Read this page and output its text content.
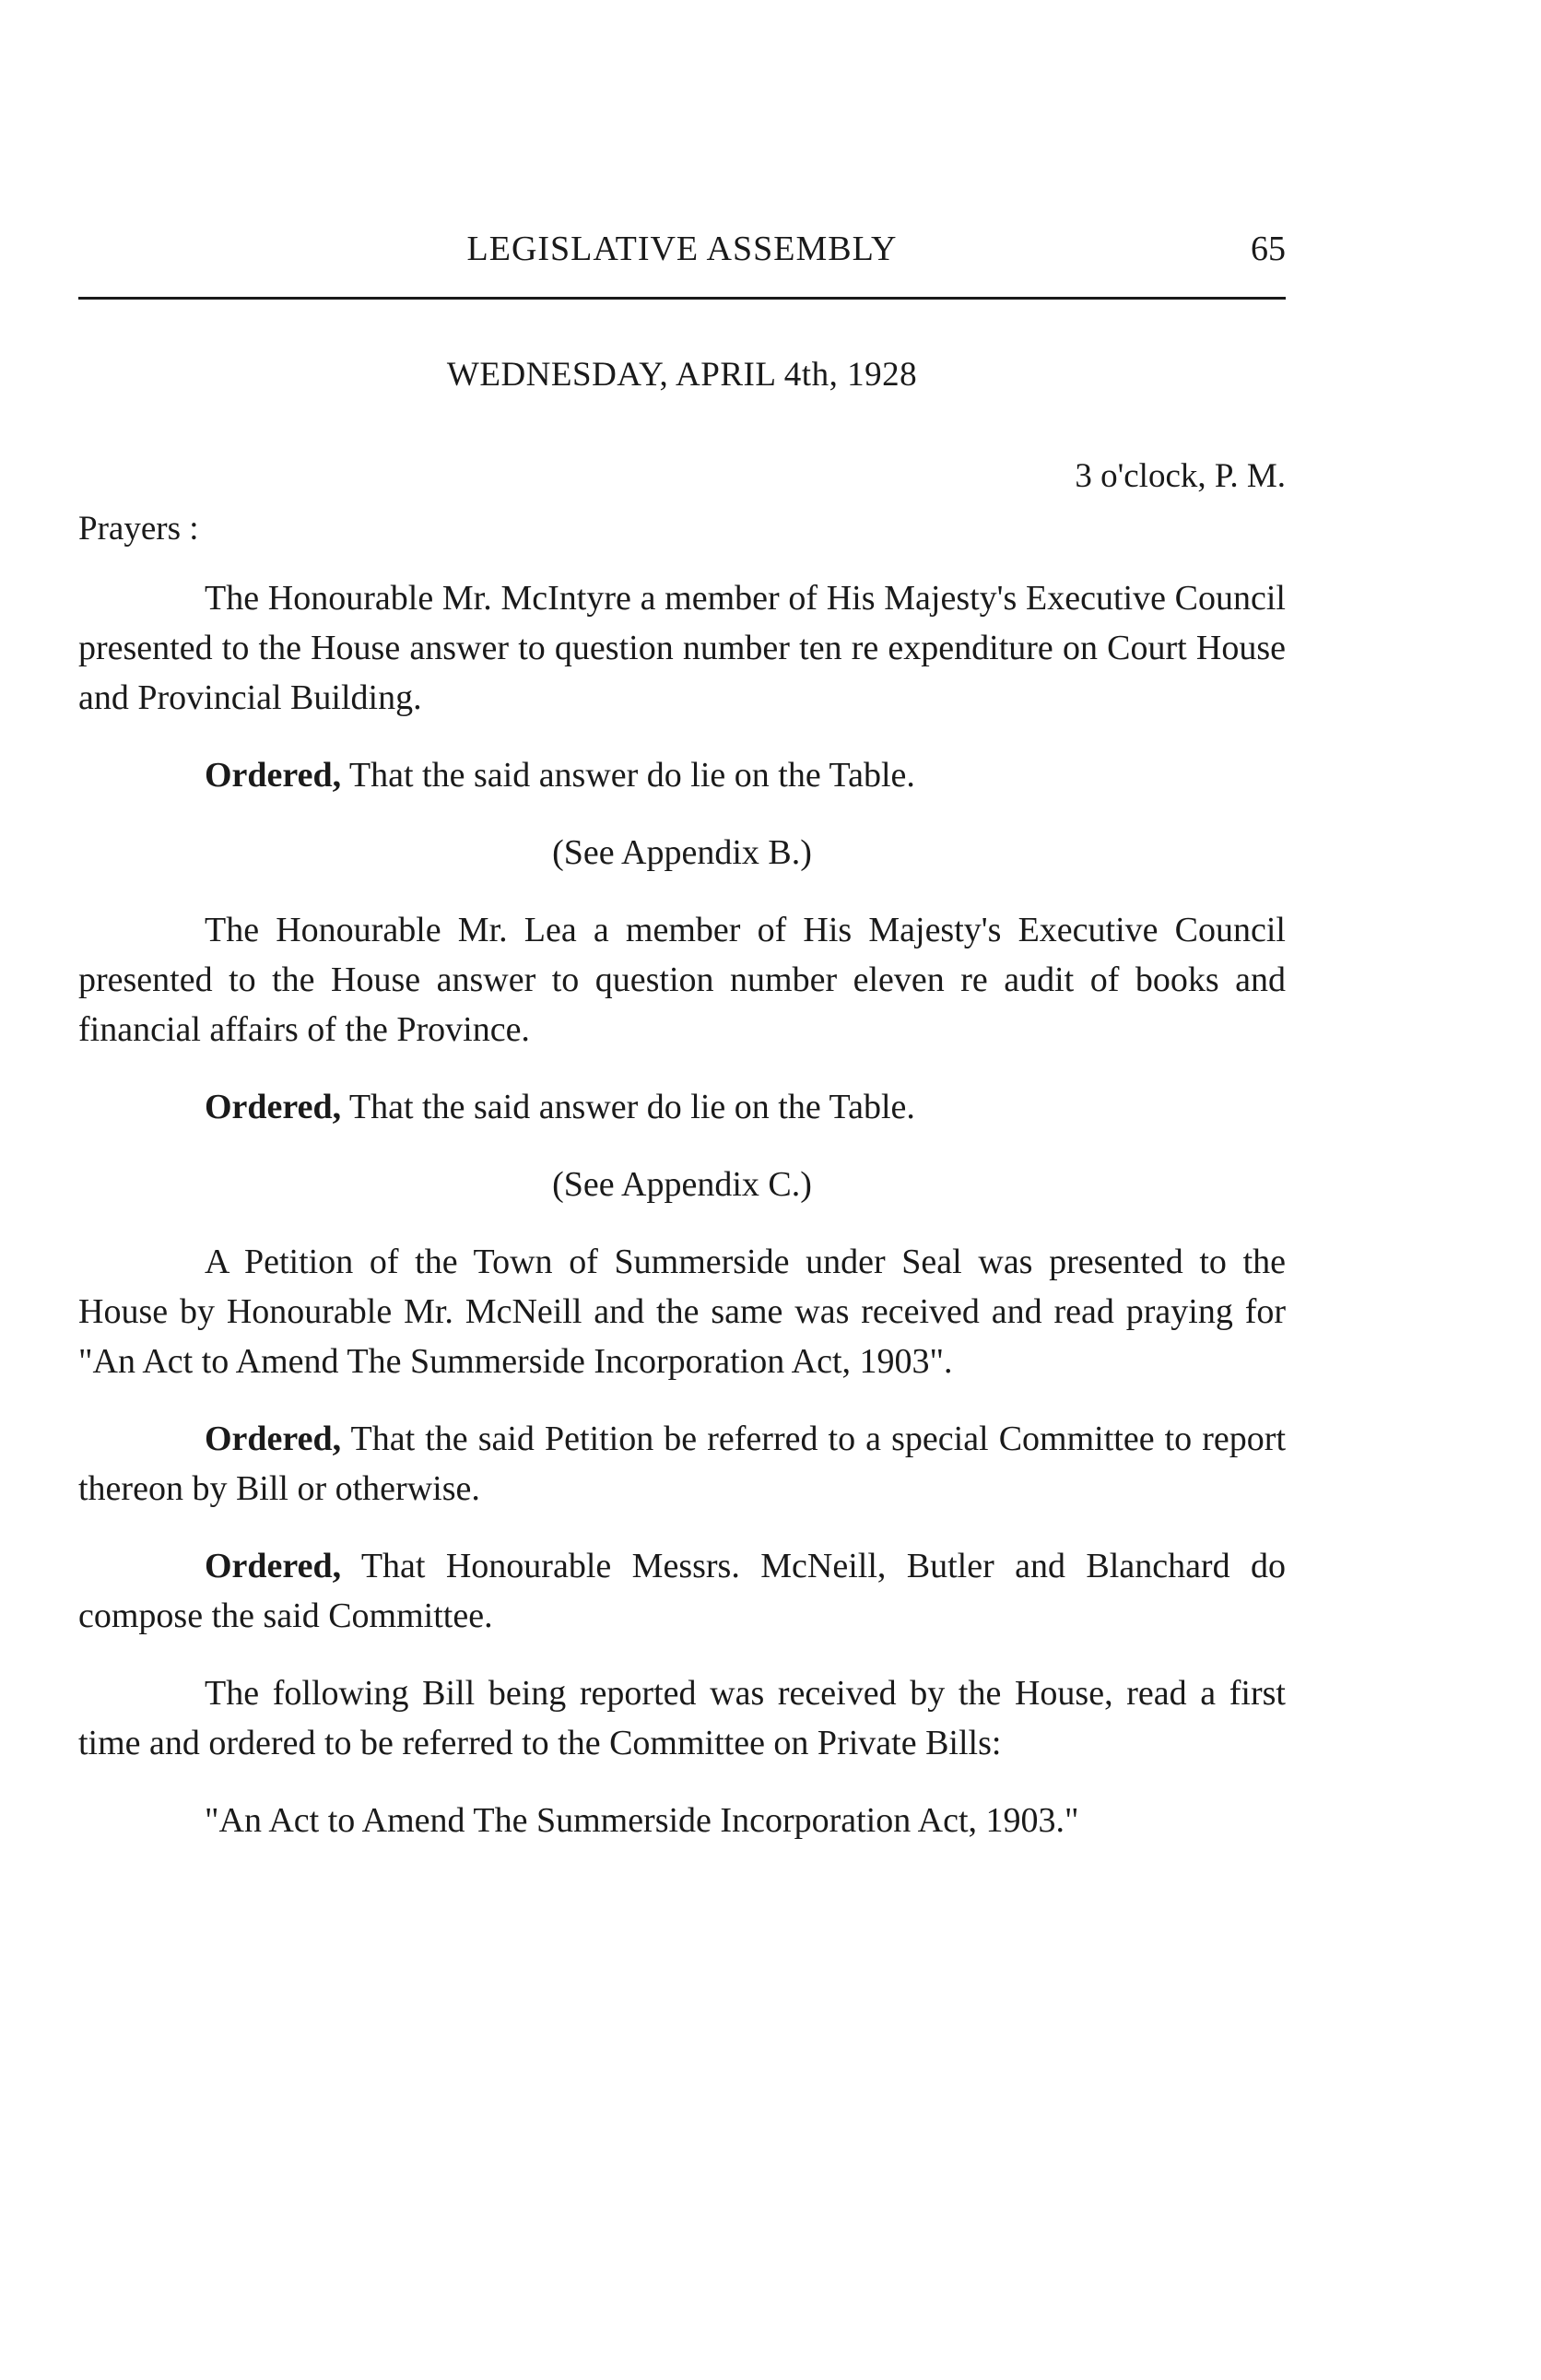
LEGISLATIVE ASSEMBLY	65
WEDNESDAY, APRIL 4th, 1928
3 o'clock, P. M.
Prayers :

The Honourable Mr. McIntyre a member of His Majesty's Executive Council presented to the House answer to question number ten re expenditure on Court House and Provincial Building.

Ordered, That the said answer do lie on the Table.

(See Appendix B.)

The Honourable Mr. Lea a member of His Majesty's Executive Council presented to the House answer to question number eleven re audit of books and financial affairs of the Province.

Ordered, That the said answer do lie on the Table.

(See Appendix C.)

A Petition of the Town of Summerside under Seal was presented to the House by Honourable Mr. McNeill and the same was received and read praying for "An Act to Amend The Summerside Incorporation Act, 1903".

Ordered, That the said Petition be referred to a special Committee to report thereon by Bill or otherwise.

Ordered, That Honourable Messrs. McNeill, Butler and Blanchard do compose the said Committee.

The following Bill being reported was received by the House, read a first time and ordered to be referred to the Committee on Private Bills:

"An Act to Amend The Summerside Incorporation Act, 1903."
